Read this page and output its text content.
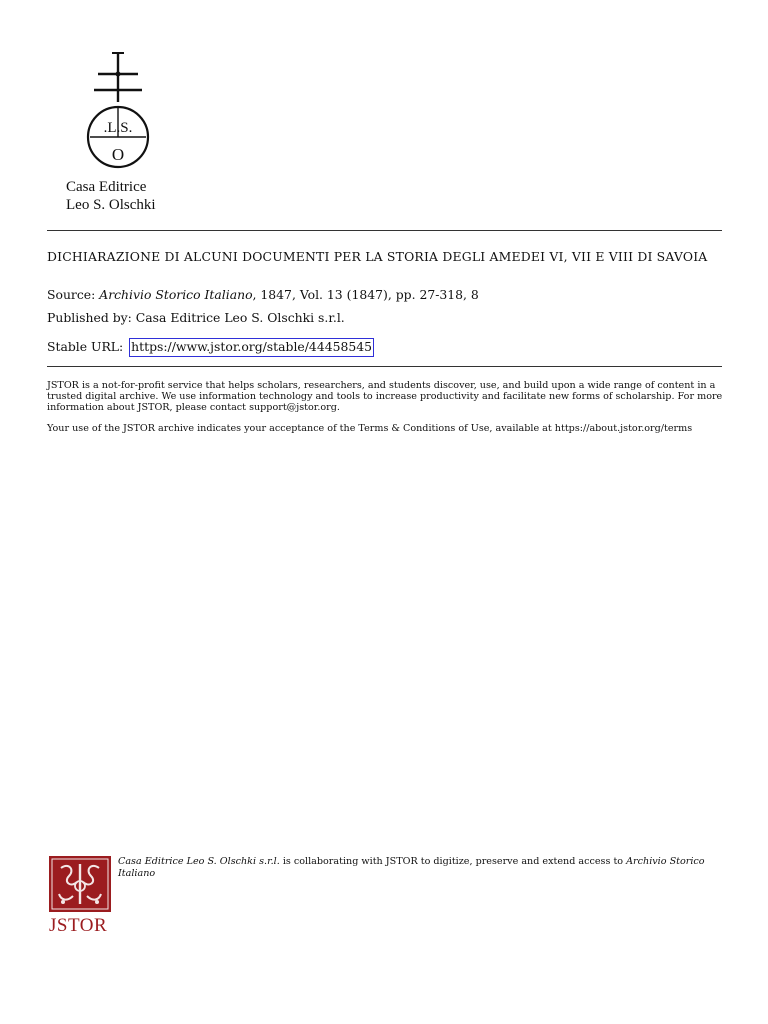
.L.S.
O
Casa Editrice
Leo S. Olschki
DICHIARAZIONE DI ALCUNI DOCUMENTI PER LA STORIA DEGLI AMEDEI VI, VII E VIII DI SAVOIA
Source: Archivio Storico Italiano, 1847, Vol. 13 (1847), pp. 27-318, 8
Published by: Casa Editrice Leo S. Olschki s.r.l.
Stable URL: https://www.jstor.org/stable/44458545
JSTOR is a not-for-profit service that helps scholars, researchers, and students discover, use, and build upon a wide range of content in a trusted digital archive. We use information technology and tools to increase productivity and facilitate new forms of scholarship. For more information about JSTOR, please contact support@jstor.org.
Your use of the JSTOR archive indicates your acceptance of the Terms & Conditions of Use, available at https://about.jstor.org/terms
JSTOR
Casa Editrice Leo S. Olschki s.r.l. is collaborating with JSTOR to digitize, preserve and extend access to Archivio Storico Italiano
